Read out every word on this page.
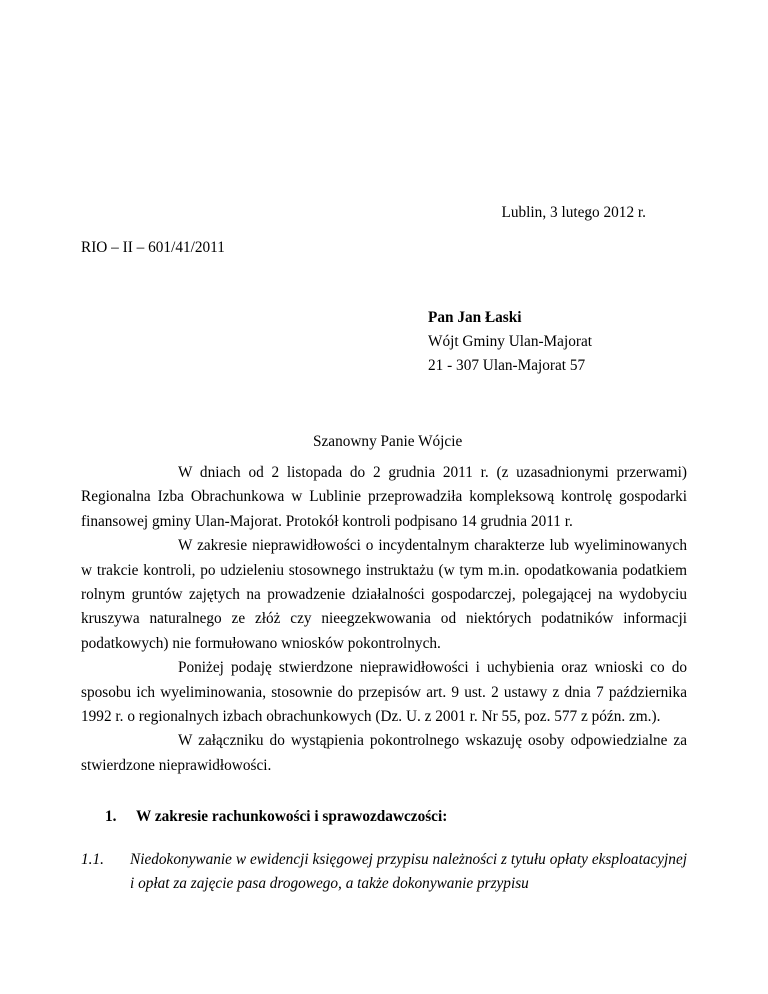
Lublin, 3 lutego 2012 r.
RIO – II – 601/41/2011
Pan Jan Łaski
Wójt Gminy Ulan-Majorat
21 - 307 Ulan-Majorat 57
Szanowny Panie Wójcie

W dniach od 2 listopada do 2 grudnia 2011 r. (z uzasadnionymi przerwami) Regionalna Izba Obrachunkowa w Lublinie przeprowadziła kompleksową kontrolę gospodarki finansowej gminy Ulan-Majorat. Protokół kontroli podpisano 14 grudnia 2011 r.

W zakresie nieprawidłowości o incydentalnym charakterze lub wyeliminowanych w trakcie kontroli, po udzieleniu stosownego instruktażu (w tym m.in. opodatkowania podatkiem rolnym gruntów zajętych na prowadzenie działalności gospodarczej, polegającej na wydobyciu kruszywa naturalnego ze złóż czy nieegzekwowania od niektórych podatników informacji podatkowych) nie formułowano wniosków pokontrolnych.

Poniżej podaję stwierdzone nieprawidłowości i uchybienia oraz wnioski co do sposobu ich wyeliminowania, stosownie do przepisów art. 9 ust. 2 ustawy z dnia 7 października 1992 r. o regionalnych izbach obrachunkowych (Dz. U. z 2001 r. Nr 55, poz. 577 z późn. zm.).

W załączniku do wystąpienia pokontrolnego wskazuję osoby odpowiedzialne za stwierdzone nieprawidłowości.

1. W zakresie rachunkowości i sprawozdawczości:
1.1. Niedokonywanie w ewidencji księgowej przypisu należności z tytułu opłaty eksploatacyjnej i opłat za zajęcie pasa drogowego, a także dokonywanie przypisu
